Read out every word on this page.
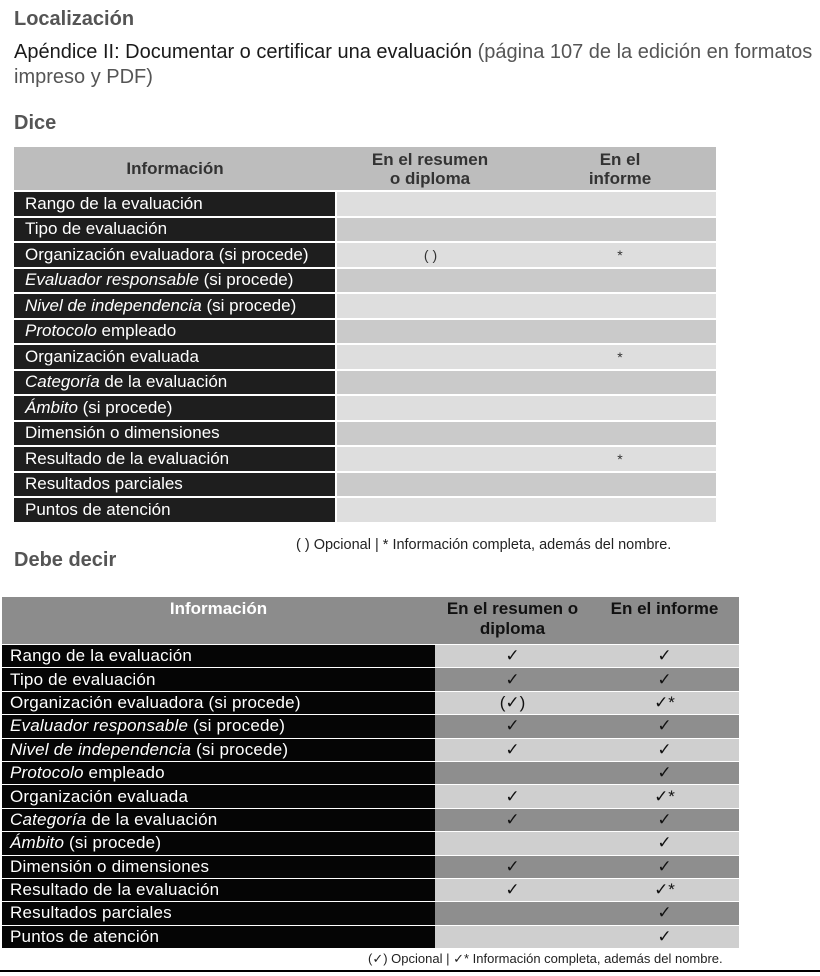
Localización
Apéndice II: Documentar o certificar una evaluación (página 107 de la edición en formatos impreso y PDF)
Dice
Información	En el resumen o diploma	En el informe
Rango de la evaluación		
Tipo de evaluación		
Organización evaluadora (si procede)	( )	*
Evaluador responsable (si procede)		
Nivel de independencia (si procede)		
Protocolo empleado		
Organización evaluada		*
Categoría de la evaluación		
Ámbito (si procede)		
Dimensión o dimensiones		
Resultado de la evaluación		*
Resultados parciales		
Puntos de atención		
( ) Opcional | * Información completa, además del nombre.
Debe decir
Información	En el resumen o diploma	En el informe
Rango de la evaluación	✓	✓
Tipo de evaluación	✓	✓
Organización evaluadora (si procede)	(✓)	✓*
Evaluador responsable (si procede)	✓	✓
Nivel de independencia (si procede)	✓	✓
Protocolo empleado		✓
Organización evaluada	✓	✓*
Categoría de la evaluación	✓	✓
Ámbito (si procede)		✓
Dimensión o dimensiones	✓	✓
Resultado de la evaluación	✓	✓*
Resultados parciales		✓
Puntos de atención		✓
(✓) Opcional | ✓* Información completa, además del nombre.
